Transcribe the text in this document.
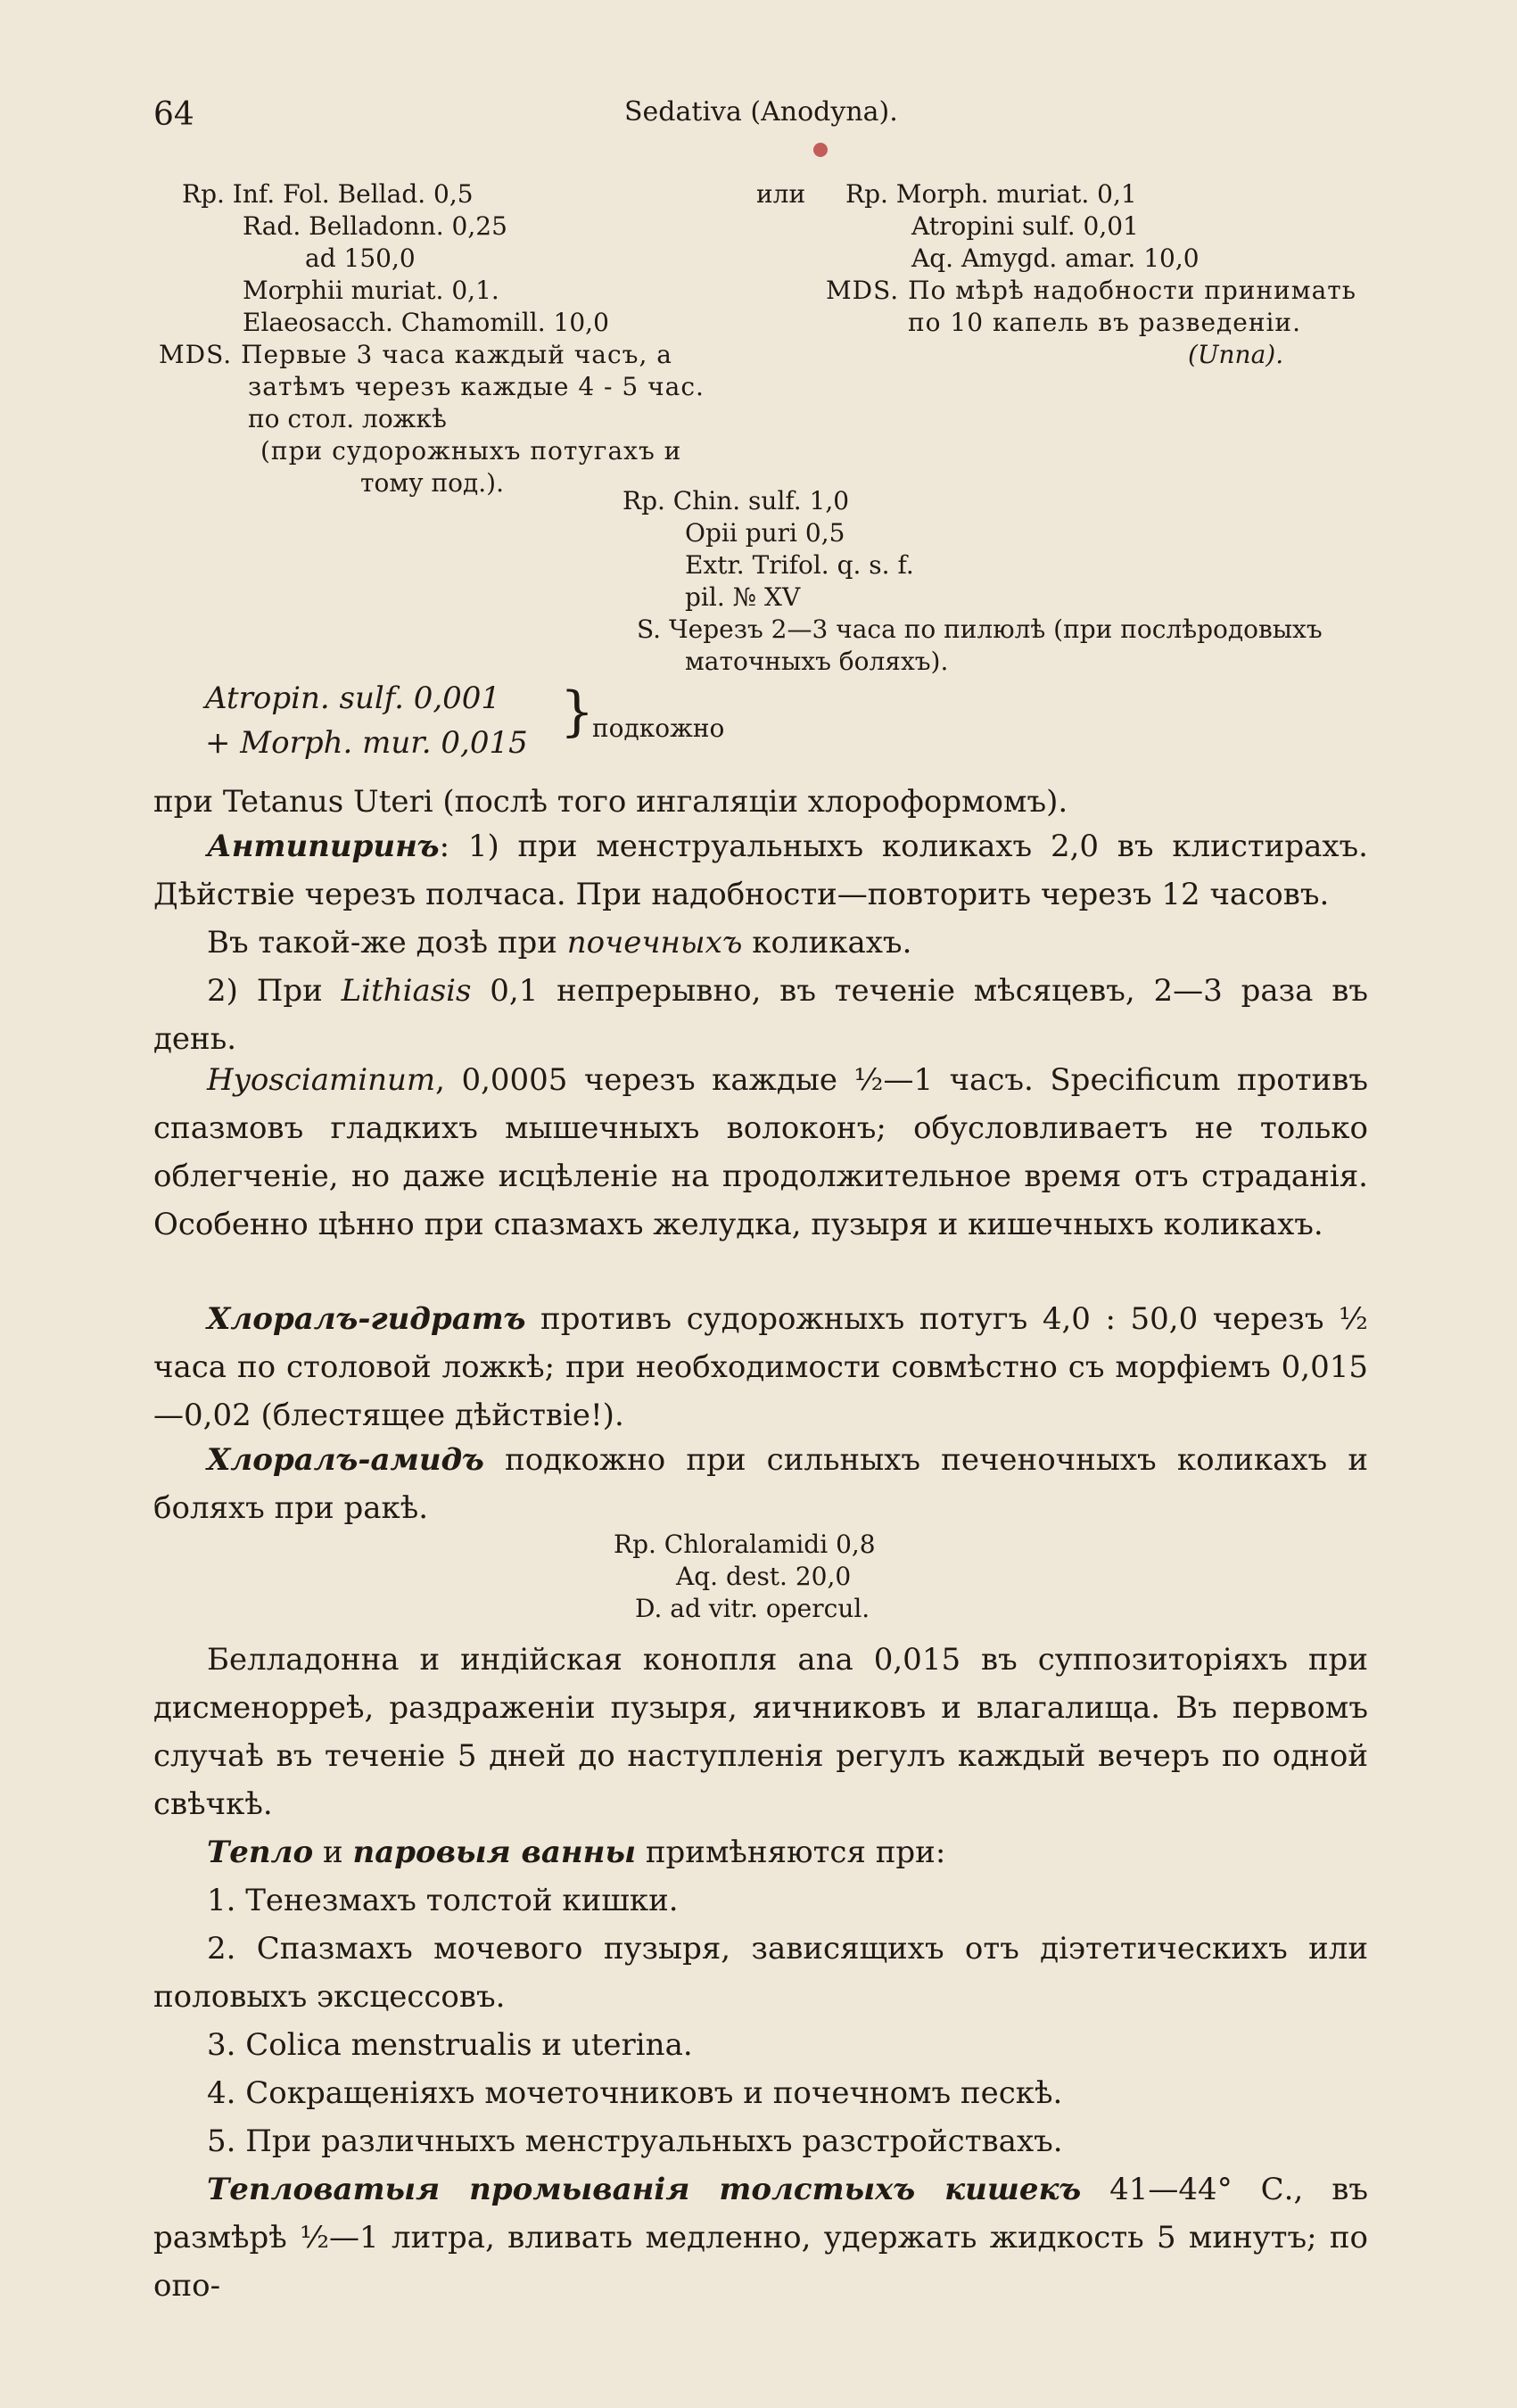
64	Sedativa (Anodyna).
Rp. Inf. Fol. Bellad. 0,5
Rad. Belladonn. 0,25
ad 150,0
Morphii muriat. 0,1.
Elaeosacch. Chamomill. 10,0
MDS. Первые 3 часа каждый часъ, а
затѣмъ черезъ каждые 4 - 5 час.
по стол. ложкѣ
(при судорожныхъ потугахъ и
тому под.).
или Rp. Morph. muriat. 0,1
Atropini sulf. 0,01
Aq. Amygd. amar. 10,0
MDS. По мѣрѣ надобности принимать
по 10 капель въ разведеніи.
(Unna).
Rp. Chin. sulf. 1,0
Opii puri 0,5
Extr. Trifol. q. s. f.
pil. № XV
S. Черезъ 2—3 часа по пилюлѣ (при послѣродовыхъ
маточныхъ боляхъ).
Atropin. sulf. 0,001
+ Morph. mur. 0,015 }
подкожно
при Tetanus Uteri (послѣ того ингаляціи хлороформомъ).
Антипиринъ: 1) при менструальныхъ коликахъ 2,0 въ клистирахъ. Дѣйствіе черезъ полчаса. При надобности—повторить черезъ 12 часовъ.
Въ такой-же дозѣ при почечныхъ коликахъ.
2) При Lithiasis 0,1 непрерывно, въ теченіе мѣсяцевъ, 2—3 раза въ день.
Hyosciaminum, 0,0005 черезъ каждые ½—1 часъ. Specificum противъ спазмовъ гладкихъ мышечныхъ волоконъ; обусловливаетъ не только облегченіе, но даже исцѣленіе на продолжительное время отъ страданія. Особенно цѣнно при спазмахъ желудка, пузыря и кишечныхъ коликахъ.
Хлоралъ-гидратъ противъ судорожныхъ потугъ 4,0 : 50,0 черезъ ½ часа по столовой ложкѣ; при необходимости совмѣстно съ морфіемъ 0,015—0,02 (блестящее дѣйствіе!).
Хлоралъ-амидъ подкожно при сильныхъ печеночныхъ коликахъ и боляхъ при ракѣ.
Rp. Chloralamidi 0,8
Aq. dest. 20,0
D. ad vitr. opercul.
Белладонна и индійская конопля ana 0,015 въ суппозиторіяхъ при дисменорреѣ, раздраженіи пузыря, яичниковъ и влагалища. Въ первомъ случаѣ въ теченіе 5 дней до наступленія регулъ каждый вечеръ по одной свѣчкѣ.
Тепло и паровыя ванны примѣняются при:
1. Тенезмахъ толстой кишки.
2. Спазмахъ мочевого пузыря, зависящихъ отъ діэтетическихъ или половыхъ эксцессовъ.
3. Colica menstrualis и uterina.
4. Сокращеніяхъ мочеточниковъ и почечномъ пескѣ.
5. При различныхъ менструальныхъ разстройствахъ.
Тепловатыя промыванія толстыхъ кишекъ 41—44° С., въ размѣрѣ ½—1 литра, вливать медленно, удержать жидкость 5 минутъ; по опо-
